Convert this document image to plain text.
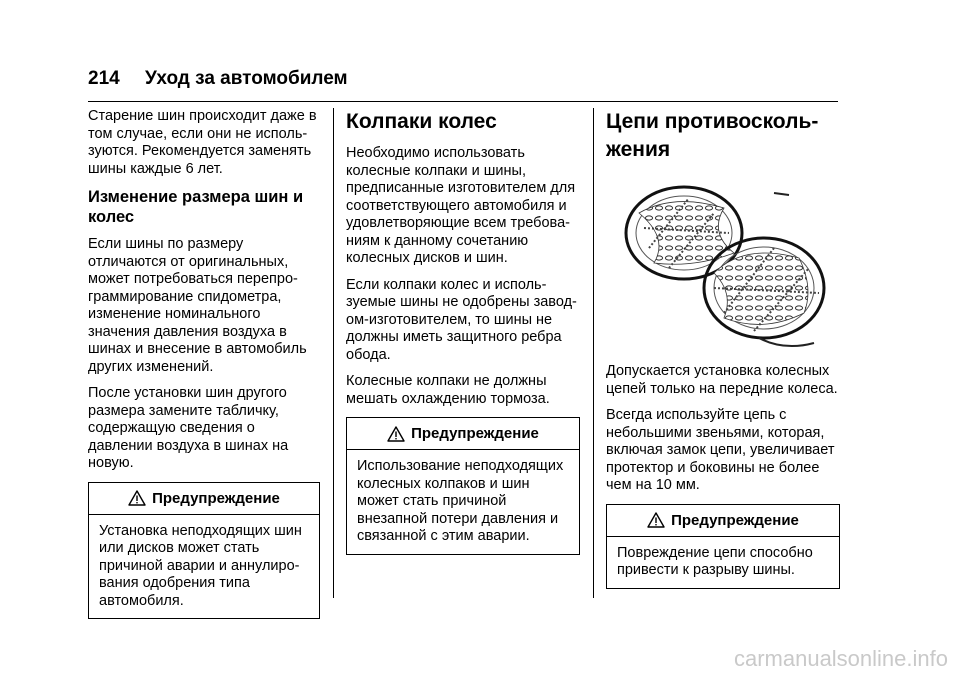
214 Уход за автомобилем

Старение шин происходит даже в том случае, если они не исполь-зуются. Рекомендуется заменять шины каждые 6 лет.

Изменение размера шин и колес

Если шины по размеру отличаются от оригинальных, может потребоваться перепро-граммирование спидометра, изменение номинального значения давления воздуха в шинах и внесение в автомобиль других изменений.

После установки шин другого размера замените табличку, содержащую сведения о давлении воздуха в шинах на новую.

Предупреждение

Установка неподходящих шин или дисков может стать причиной аварии и аннулиро-вания одобрения типа автомобиля.

Колпаки колес

Необходимо использовать колесные колпаки и шины, предписанные изготовителем для соответствующего автомобиля и удовлетворяющие всем требова-ниям к данному сочетанию колесных дисков и шин.

Если колпаки колес и исполь-зуемые шины не одобрены завод-ом-изготовителем, то шины не должны иметь защитного ребра обода.

Колесные колпаки не должны мешать охлаждению тормоза.

Предупреждение

Использование неподходящих колесных колпаков и шин может стать причиной внезапной потери давления и связанной с этим аварии.

Цепи противосколь-жения

Допускается установка колесных цепей только на передние колеса.

Всегда используйте цепь с небольшими звеньями, которая, включая замок цепи, увеличивает протектор и боковины не более чем на 10 мм.

Предупреждение

Повреждение цепи способно привести к разрыву шины.

carmanualsonline.info
